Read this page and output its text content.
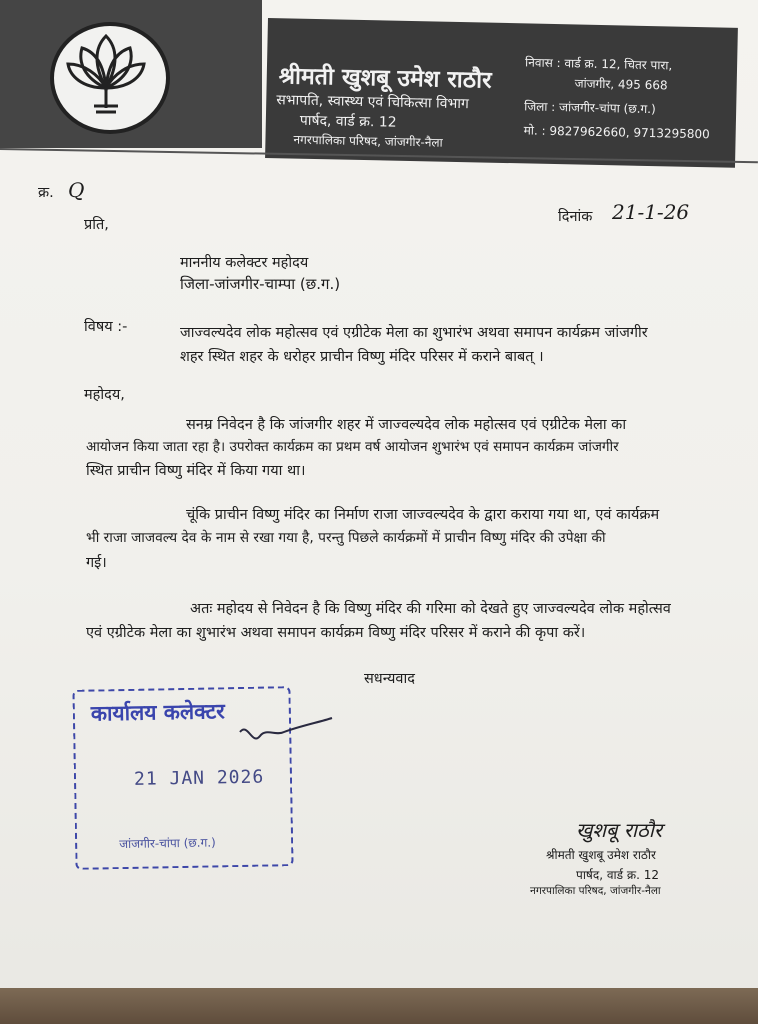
श्रीमती खुशबू उमेश राठौर
सभापति, स्वास्थ्य एवं चिकित्सा विभाग
पार्षद, वार्ड क्र. 12
नगरपालिका परिषद, जांजगीर-नैला
निवास : वार्ड क्र. 12, चितर पारा,
जांजगीर, 495 668
जिला : जांजगीर-चांपा (छ.ग.)
मो. : 9827962660, 9713295800
क्र. Q
दिनांक 21-1-26
प्रति,
माननीय कलेक्टर महोदय
जिला-जांजगीर-चाम्पा (छ.ग.)
विषय :-	जाज्वल्यदेव लोक महोत्सव एवं एग्रीटेक मेला का शुभारंभ अथवा समापन कार्यक्रम जांजगीर
शहर स्थित शहर के धरोहर प्राचीन विष्णु मंदिर परिसर में कराने बाबत् ।
महोदय,
सनम्र निवेदन है कि जांजगीर शहर में जाज्वल्यदेव लोक महोत्सव एवं एग्रीटेक मेला का
आयोजन किया जाता रहा है। उपरोक्त कार्यक्रम का प्रथम वर्ष आयोजन शुभारंभ एवं समापन कार्यक्रम जांजगीर
स्थित प्राचीन विष्णु मंदिर में किया गया था।
चूंकि प्राचीन विष्णु मंदिर का निर्माण राजा जाज्वल्यदेव के द्वारा कराया गया था, एवं कार्यक्रम
भी राजा जाजवल्य देव के नाम से रखा गया है, परन्तु पिछले कार्यक्रमों में प्राचीन विष्णु मंदिर की उपेक्षा की
गई।
अतः महोदय से निवेदन है कि विष्णु मंदिर की गरिमा को देखते हुए जाज्वल्यदेव लोक महोत्सव
एवं एग्रीटेक मेला का शुभारंभ अथवा समापन कार्यक्रम विष्णु मंदिर परिसर में कराने की कृपा करें।
सधन्यवाद
कार्यालय कलेक्टर
21 JAN 2026
जांजगीर-चांपा (छ.ग.)
खुशबू राठौर
श्रीमती खुशबू उमेश राठौर
पार्षद, वार्ड क्र. 12
नगरपालिका परिषद, जांजगीर-नैला
